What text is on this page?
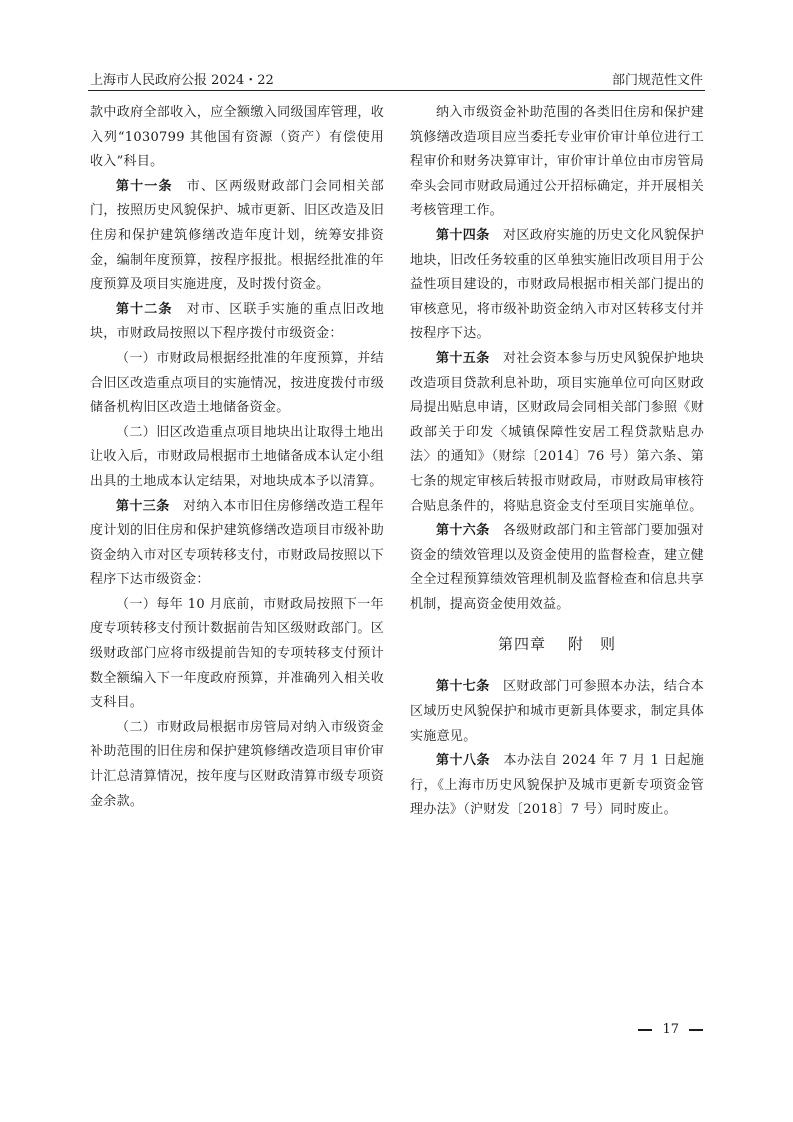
上海市人民政府公报 2024・22	部门规范性文件

款中政府全部收入，应全额缴入同级国库管理，收入列“1030799 其他国有资源（资产）有偿使用收入”科目。

第十一条　市、区两级财政部门会同相关部门，按照历史风貌保护、城市更新、旧区改造及旧住房和保护建筑修缮改造年度计划，统筹安排资金，编制年度预算，按程序报批。根据经批准的年度预算及项目实施进度，及时拨付资金。

第十二条　对市、区联手实施的重点旧改地块，市财政局按照以下程序拨付市级资金：

（一）市财政局根据经批准的年度预算，并结合旧区改造重点项目的实施情况，按进度拨付市级储备机构旧区改造土地储备资金。

（二）旧区改造重点项目地块出让取得土地出让收入后，市财政局根据市土地储备成本认定小组出具的土地成本认定结果，对地块成本予以清算。

第十三条　对纳入本市旧住房修缮改造工程年度计划的旧住房和保护建筑修缮改造项目市级补助资金纳入市对区专项转移支付，市财政局按照以下程序下达市级资金：

（一）每年 10 月底前，市财政局按照下一年度专项转移支付预计数据前告知区级财政部门。区级财政部门应将市级提前告知的专项转移支付预计数全额编入下一年度政府预算，并准确列入相关收支科目。

（二）市财政局根据市房管局对纳入市级资金补助范围的旧住房和保护建筑修缮改造项目审价审计汇总清算情况，按年度与区财政清算市级专项资金余款。

纳入市级资金补助范围的各类旧住房和保护建筑修缮改造项目应当委托专业审价审计单位进行工程审价和财务决算审计，审价审计单位由市房管局牵头会同市财政局通过公开招标确定，并开展相关考核管理工作。

第十四条　对区政府实施的历史文化风貌保护地块，旧改任务较重的区单独实施旧改项目用于公益性项目建设的，市财政局根据市相关部门提出的审核意见，将市级补助资金纳入市对区转移支付并按程序下达。

第十五条　对社会资本参与历史风貌保护地块改造项目贷款利息补助，项目实施单位可向区财政局提出贴息申请，区财政局会同相关部门参照《财政部关于印发〈城镇保障性安居工程贷款贴息办法〉的通知》（财综〔2014〕76 号）第六条、第七条的规定审核后转报市财政局，市财政局审核符合贴息条件的，将贴息资金支付至项目实施单位。

第十六条　各级财政部门和主管部门要加强对资金的绩效管理以及资金使用的监督检查，建立健全全过程预算绩效管理机制及监督检查和信息共享机制，提高资金使用效益。

第四章 附　则

第十七条　区财政部门可参照本办法，结合本区域历史风貌保护和城市更新具体要求，制定具体实施意见。

第十八条　本办法自 2024 年 7 月 1 日起施行，《上海市历史风貌保护及城市更新专项资金管理办法》（沪财发〔2018〕7 号）同时废止。

17
